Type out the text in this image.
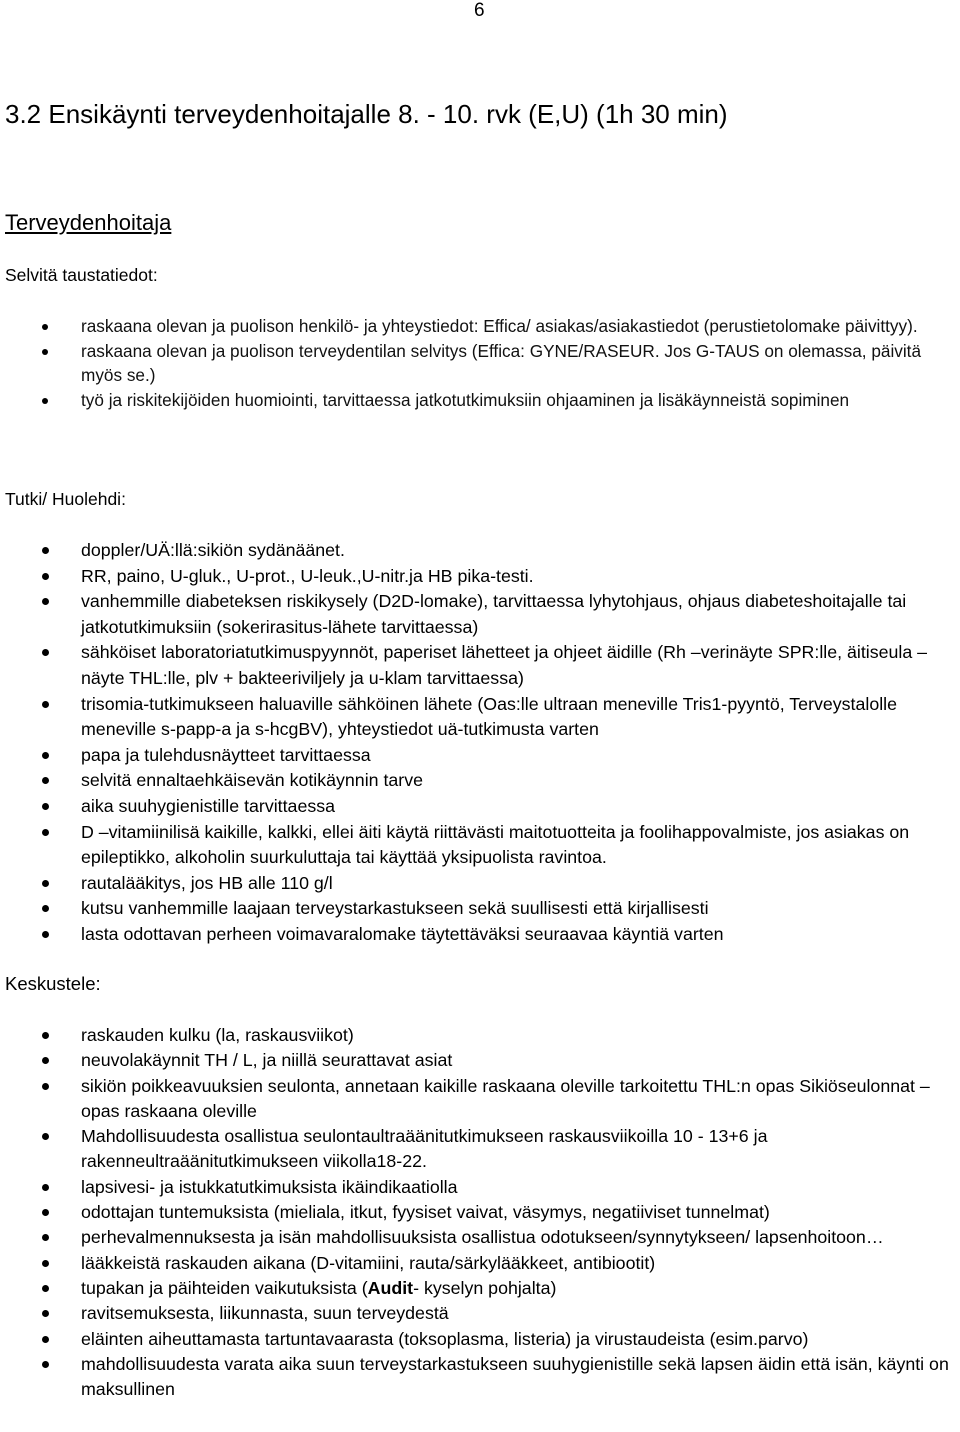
6
3.2 Ensikäynti terveydenhoitajalle 8. - 10. rvk (E,U) (1h 30 min)
Terveydenhoitaja
Selvitä taustatiedot:
raskaana olevan ja puolison henkilö- ja yhteystiedot: Effica/ asiakas/asiakastiedot (perustietolomake päivittyy).
raskaana olevan ja puolison terveydentilan selvitys (Effica: GYNE/RASEUR. Jos G-TAUS on olemassa, päivitä myös se.)
työ ja riskitekijöiden huomiointi, tarvittaessa jatkotutkimuksiin ohjaaminen ja lisäkäynneistä sopiminen
Tutki/ Huolehdi:
doppler/UÄ:llä:sikiön sydänäänet.
RR, paino, U-gluk., U-prot., U-leuk.,U-nitr.ja HB pika-testi.
vanhemmille diabeteksen riskikysely (D2D-lomake), tarvittaessa lyhytohjaus, ohjaus diabeteshoitajalle tai jatkotutkimuksiin (sokerirasitus-lähete tarvittaessa)
sähköiset laboratoriatutkimuspyynnöt, paperiset lähetteet ja ohjeet äidille (Rh –verinäyte SPR:lle, äitiseula –näyte THL:lle, plv + bakteeriviljely ja u-klam tarvittaessa)
trisomia-tutkimukseen haluaville sähköinen lähete (Oas:lle ultraan meneville Tris1-pyyntö, Terveystalolle meneville s-papp-a ja s-hcgBV), yhteystiedot uä-tutkimusta varten
papa ja tulehdusnäytteet tarvittaessa
selvitä ennaltaehkäisevän kotikäynnin tarve
aika suuhygienistille tarvittaessa
D –vitamiinilisä kaikille, kalkki, ellei äiti käytä riittävästi maitotuotteita ja foolihappovalmiste, jos asiakas on epileptikko, alkoholin suurkuluttaja tai käyttää yksipuolista ravintoa.
rautalääkitys, jos HB alle 110 g/l
kutsu vanhemmille laajaan terveystarkastukseen sekä suullisesti että kirjallisesti
lasta odottavan perheen voimavaralomake täytettäväksi seuraavaa käyntiä varten
Keskustele:
raskauden kulku (la, raskausviikot)
neuvolakäynnit TH / L, ja niillä seurattavat asiat
sikiön poikkeavuuksien seulonta, annetaan kaikille raskaana oleville tarkoitettu THL:n opas Sikiöseulonnat – opas raskaana oleville
Mahdollisuudesta osallistua seulontaultraäänitutkimukseen raskausviikoilla 10 - 13+6 ja rakenneultraäänitutkimukseen viikolla18-22.
lapsivesi- ja istukkatutkimuksista ikäindikaatiolla
odottajan tuntemuksista (mieliala, itkut, fyysiset vaivat, väsymys, negatiiviset tunnelmat)
perhevalmennuksesta ja isän mahdollisuuksista osallistua odotukseen/synnytykseen/ lapsenhoitoon…
lääkkeistä raskauden aikana (D-vitamiini, rauta/särkylääkkeet, antibiootit)
tupakan ja päihteiden vaikutuksista (Audit- kyselyn pohjalta)
ravitsemuksesta, liikunnasta, suun terveydestä
eläinten aiheuttamasta tartuntavaarasta (toksoplasma, listeria) ja virustaudeista (esim.parvo)
mahdollisuudesta varata aika suun terveystarkastukseen suuhygienistille sekä lapsen äidin että isän, käynti on maksullinen
